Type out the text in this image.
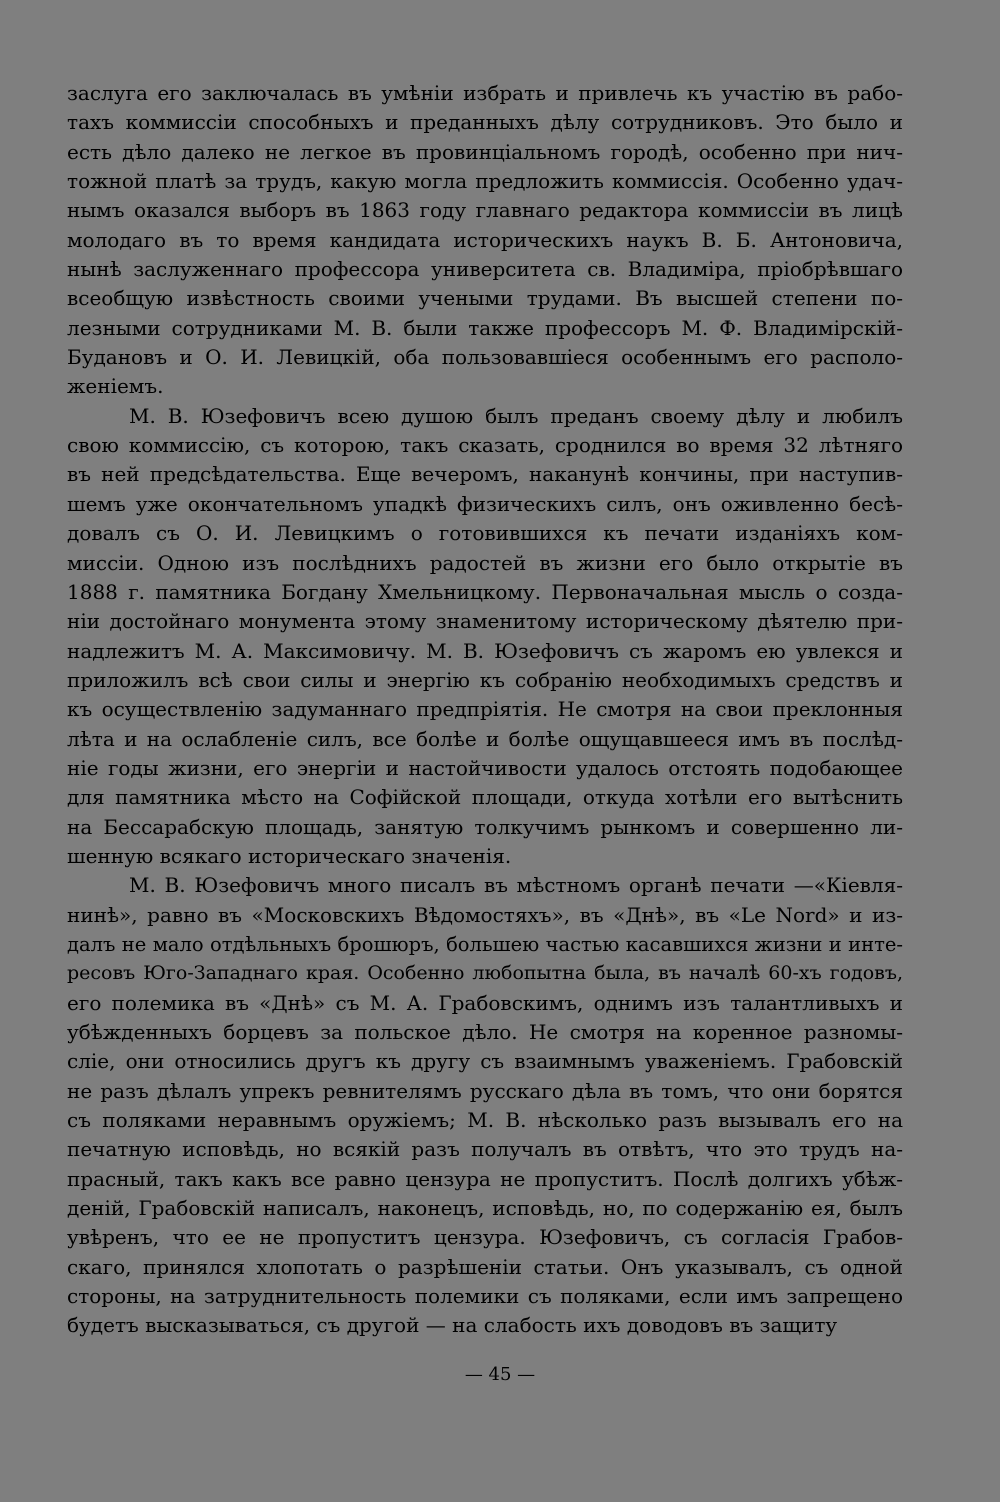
заслуга его заключалась въ умѣніи избрать и привлечь къ участію въ рабо-
тахъ коммиссіи способныхъ и преданныхъ дѣлу сотрудниковъ. Это было и
есть дѣло далеко не легкое въ провинціальномъ городѣ, особенно при нич-
тожной платѣ за трудъ, какую могла предложить коммиссія. Особенно удач-
нымъ оказался выборъ въ 1863 году главнаго редактора коммиссіи въ лицѣ
молодаго въ то время кандидата историческихъ наукъ В. Б. Антоновича,
нынѣ заслуженнаго профессора университета св. Владиміра, пріобрѣвшаго
всеобщую извѣстность своими учеными трудами. Въ высшей степени по-
лезными сотрудниками М. В. были также профессоръ М. Ф. Владимірскій-
Будановъ и О. И. Левицкій, оба пользовавшіеся особеннымъ его располо-
женіемъ.
М. В. Юзефовичъ всею душою былъ преданъ своему дѣлу и любилъ
свою коммиссію, съ которою, такъ сказать, сроднился во время 32 лѣтняго
въ ней предсѣдательства. Еще вечеромъ, наканунѣ кончины, при наступив-
шемъ уже окончательномъ упадкѣ физическихъ силъ, онъ оживленно бесѣ-
довалъ съ О. И. Левицкимъ о готовившихся къ печати изданіяхъ ком-
миссіи. Одною изъ послѣднихъ радостей въ жизни его было открытіе въ
1888 г. памятника Богдану Хмельницкому. Первоначальная мысль о созда-
ніи достойнаго монумента этому знаменитому историческому дѣятелю при-
надлежитъ М. А. Максимовичу. М. В. Юзефовичъ съ жаромъ ею увлекся и
приложилъ всѣ свои силы и энергію къ собранію необходимыхъ средствъ и
къ осуществленію задуманнаго предпріятія. Не смотря на свои преклонныя
лѣта и на ослабленіе силъ, все болѣе и болѣе ощущавшееся имъ въ послѣд-
ніе годы жизни, его энергіи и настойчивости удалось отстоять подобающее
для памятника мѣсто на Софійской площади, откуда хотѣли его вытѣснить
на Бессарабскую площадь, занятую толкучимъ рынкомъ и совершенно ли-
шенную всякаго историческаго значенія.
М. В. Юзефовичъ много писалъ въ мѣстномъ органѣ печати —«Кіевля-
нинѣ», равно въ «Московскихъ Вѣдомостяхъ», въ «Днѣ», въ «Le Nord» и из-
далъ не мало отдѣльныхъ брошюръ, большею частью касавшихся жизни и инте-
ресовъ Юго-Западнаго края. Особенно любопытна была, въ началѣ 60-хъ годовъ,
его полемика въ «Днѣ» съ М. А. Грабовскимъ, однимъ изъ талантливыхъ и
убѣжденныхъ борцевъ за польское дѣло. Не смотря на коренное разномы-
сліе, они относились другъ къ другу съ взаимнымъ уваженіемъ. Грабовскій
не разъ дѣлалъ упрекъ ревнителямъ русскаго дѣла въ томъ, что они борятся
съ поляками неравнымъ оружіемъ; М. В. нѣсколько разъ вызывалъ его на
печатную исповѣдь, но всякій разъ получалъ въ отвѣтъ, что это трудъ на-
прасный, такъ какъ все равно цензура не пропуститъ. Послѣ долгихъ убѣж-
деній, Грабовскій написалъ, наконецъ, исповѣдь, но, по содержанію ея, былъ
увѣренъ, что ее не пропуститъ цензура. Юзефовичъ, съ согласія Грабов-
скаго, принялся хлопотать о разрѣшеніи статьи. Онъ указывалъ, съ одной
стороны, на затруднительность полемики съ поляками, если имъ запрещено
будетъ высказываться, съ другой — на слабость ихъ доводовъ въ защиту
— 45 —
